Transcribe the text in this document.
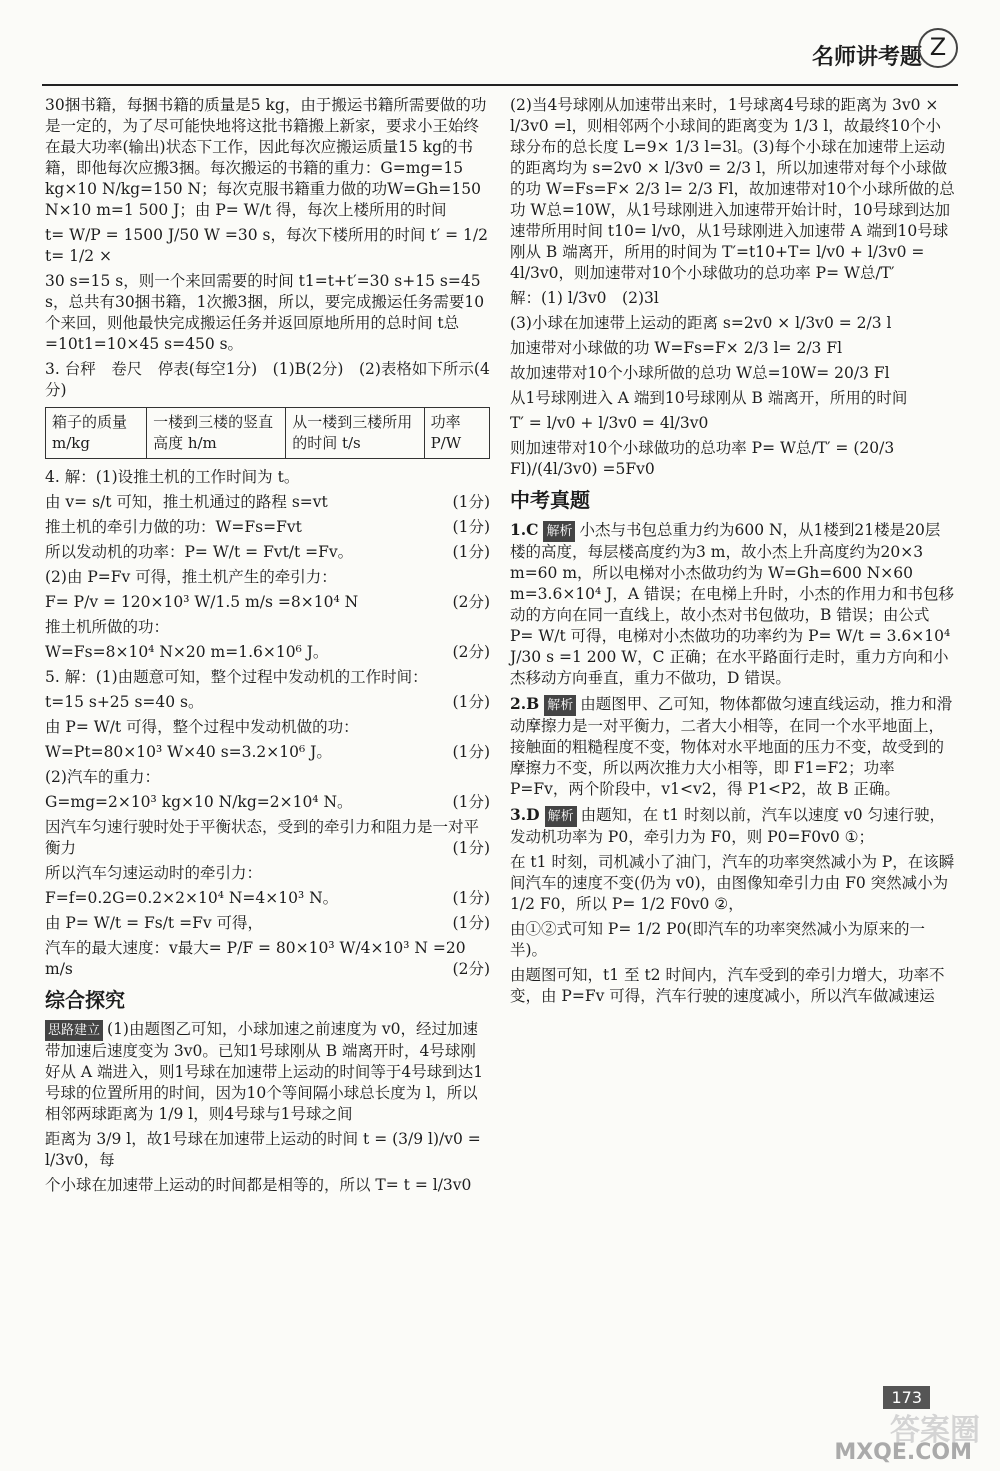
名师讲考题 Z

30捆书籍，每捆书籍的质量是5 kg，由于搬运书籍所需要做的功是一定的，为了尽可能快地将这批书籍搬上新家，要求小王始终在最大功率(输出)状态下工作，因此每次应搬运质量15 kg的书籍，即他每次应搬3捆。每次搬运的书籍的重力：G=mg=15 kg×10 N/kg=150 N；每次克服书籍重力做的功W=Gh=150 N×10 m=1 500 J；由 P= W/t 得，每次上楼所用的时间

t= W/P = 1500 J/50 W =30 s，每次下楼所用的时间 t′ = 1/2 t= 1/2 ×

30 s=15 s，则一个来回需要的时间 t1=t+t′=30 s+15 s=45 s，总共有30捆书籍，1次搬3捆，所以，要完成搬运任务需要10个来回，则他最快完成搬运任务并返回原地所用的总时间 t总=10t1=10×45 s=450 s。

3. 台秤　卷尺　停表(每空1分)　(1)B(2分)　(2)表格如下所示(4分)

箱子的质量 m/kg	一楼到三楼的竖直高度 h/m	从一楼到三楼所用的时间 t/s	功率 P/W

4. 解：(1)设推土机的工作时间为 t。

由 v= s/t 可知，推土机通过的路程 s=vt	(1分)

推土机的牵引力做的功：W=Fs=Fvt	(1分)

所以发动机的功率：P= W/t = Fvt/t =Fv。	(1分)

(2)由 P=Fv 可得，推土机产生的牵引力：

F= P/v = 120×10³ W/1.5 m/s =8×10⁴ N	(2分)

推土机所做的功：

W=Fs=8×10⁴ N×20 m=1.6×10⁶ J。	(2分)

5. 解：(1)由题意可知，整个过程中发动机的工作时间：

t=15 s+25 s=40 s。	(1分)

由 P= W/t 可得，整个过程中发动机做的功：

W=Pt=80×10³ W×40 s=3.2×10⁶ J。	(1分)

(2)汽车的重力：

G=mg=2×10³ kg×10 N/kg=2×10⁴ N。	(1分)

因汽车匀速行驶时处于平衡状态，受到的牵引力和阻力是一对平衡力	(1分)

所以汽车匀速运动时的牵引力：

F=f=0.2G=0.2×2×10⁴ N=4×10³ N。	(1分)

由 P= W/t = Fs/t =Fv 可得，	(1分)

汽车的最大速度：v最大= P/F = 80×10³ W/4×10³ N =20 m/s	(2分)

综合探究

思路建立 (1)由题图乙可知，小球加速之前速度为 v0，经过加速带加速后速度变为 3v0。已知1号球刚从 B 端离开时，4号球刚好从 A 端进入，则1号球在加速带上运动的时间等于4号球到达1号球的位置所用的时间，因为10个等间隔小球总长度为 l，所以相邻两球距离为 1/9 l，则4号球与1号球之间

距离为 3/9 l，故1号球在加速带上运动的时间 t = (3/9 l)/v0 = l/3v0，每

个小球在加速带上运动的时间都是相等的，所以 T= t = l/3v0

(2)当4号球刚从加速带出来时，1号球离4号球的距离为 3v0 × l/3v0 =l，则相邻两个小球间的距离变为 1/3 l，故最终10个小球分布的总长度 L=9× 1/3 l=3l。(3)每个小球在加速带上运动的距离均为 s=2v0 × l/3v0 = 2/3 l，所以加速带对每个小球做的功 W=Fs=F× 2/3 l= 2/3 Fl，故加速带对10个小球所做的总功 W总=10W，从1号球刚进入加速带开始计时，10号球到达加速带所用时间 t10= l/v0，从1号球刚进入加速带 A 端到10号球刚从 B 端离开，所用的时间为 T′=t10+T= l/v0 + l/3v0 = 4l/3v0，则加速带对10个小球做功的总功率 P= W总/T′

解：(1) l/3v0　(2)3l

(3)小球在加速带上运动的距离 s=2v0 × l/3v0 = 2/3 l

加速带对小球做的功 W=Fs=F× 2/3 l= 2/3 Fl

故加速带对10个小球所做的总功 W总=10W= 20/3 Fl

从1号球刚进入 A 端到10号球刚从 B 端离开，所用的时间

T′ = l/v0 + l/3v0 = 4l/3v0

则加速带对10个小球做功的总功率 P= W总/T′ = (20/3 Fl)/(4l/3v0) =5Fv0

中考真题

1.C 解析 小杰与书包总重力约为600 N，从1楼到21楼是20层楼的高度，每层楼高度约为3 m，故小杰上升高度约为20×3 m=60 m，所以电梯对小杰做功约为 W=Gh=600 N×60 m=3.6×10⁴ J，A 错误；在电梯上升时，小杰的作用力和书包移动的方向在同一直线上，故小杰对书包做功，B 错误；由公式 P= W/t 可得，电梯对小杰做功的功率约为 P= W/t = 3.6×10⁴ J/30 s =1 200 W，C 正确；在水平路面行走时，重力方向和小杰移动方向垂直，重力不做功，D 错误。

2.B 解析 由题图甲、乙可知，物体都做匀速直线运动，推力和滑动摩擦力是一对平衡力，二者大小相等，在同一个水平地面上，接触面的粗糙程度不变，物体对水平地面的压力不变，故受到的摩擦力不变，所以两次推力大小相等，即 F1=F2；功率 P=Fv，两个阶段中，v1<v2，得 P1<P2，故 B 正确。

3.D 解析 由题知，在 t1 时刻以前，汽车以速度 v0 匀速行驶，发动机功率为 P0，牵引力为 F0，则 P0=F0v0 ①；

在 t1 时刻，司机减小了油门，汽车的功率突然减小为 P，在该瞬间汽车的速度不变(仍为 v0)，由图像知牵引力由 F0 突然减小为 1/2 F0，所以 P= 1/2 F0v0 ②，

由①②式可知 P= 1/2 P0(即汽车的功率突然减小为原来的一半)。

由题图可知，t1 至 t2 时间内，汽车受到的牵引力增大，功率不变，由 P=Fv 可得，汽车行驶的速度减小，所以汽车做减速运

173
答案圈
MXQE.COM
